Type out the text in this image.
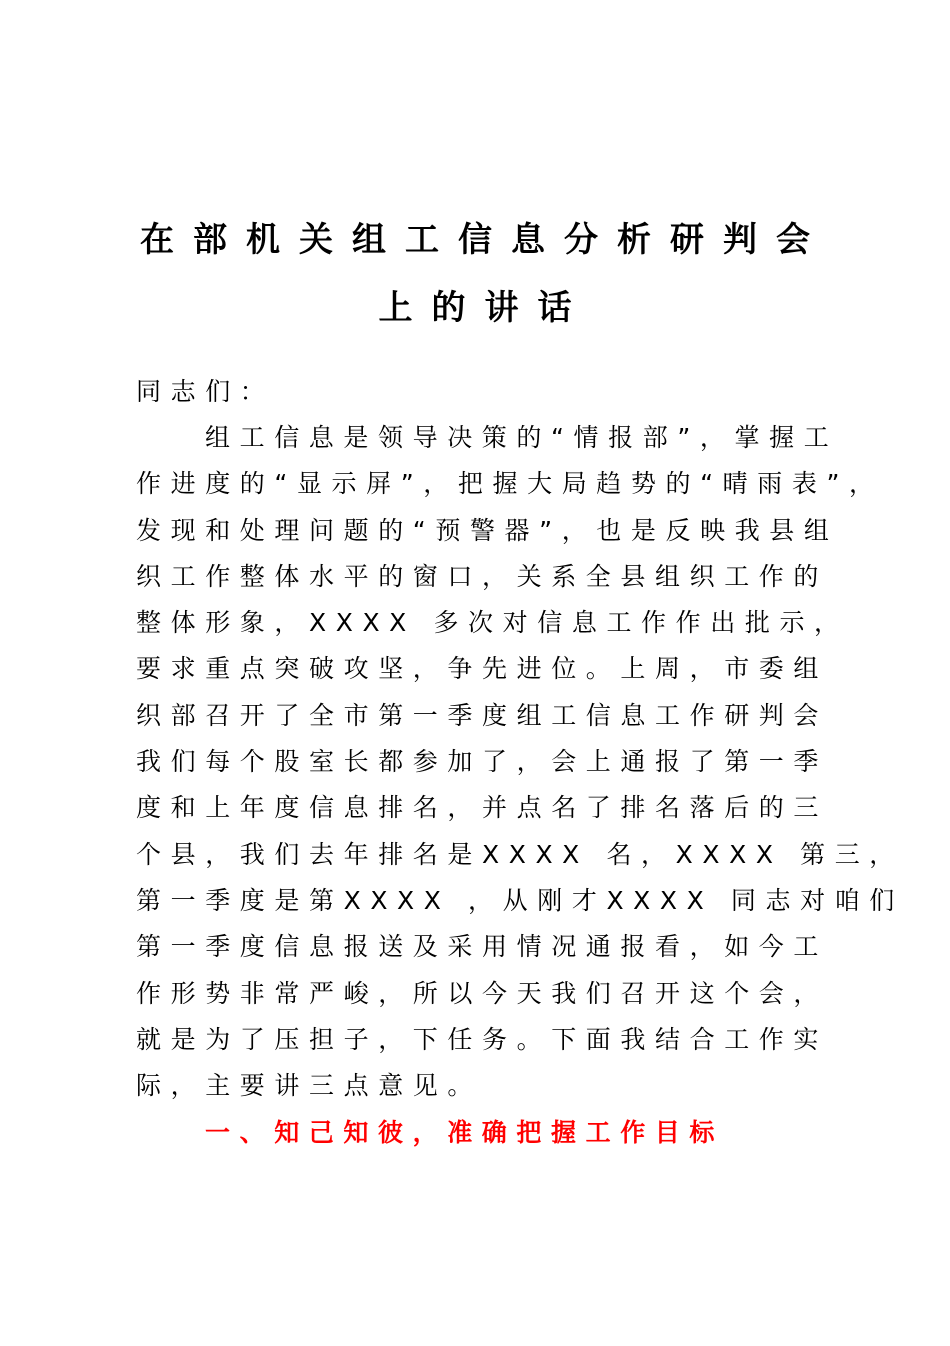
在部机关组工信息分析研判会
上的讲话
同志们：
组工信息是领导决策的“情报部”，掌握工
作进度的“显示屏”，把握大局趋势的“晴雨表”，
发现和处理问题的“预警器”，也是反映我县组
织工作整体水平的窗口，关系全县组织工作的
整体形象，XXXX 多次对信息工作作出批示，
要求重点突破攻坚，争先进位。上周，市委组
织部召开了全市第一季度组工信息工作研判会
我们每个股室长都参加了，会上通报了第一季
度和上年度信息排名，并点名了排名落后的三
个县，我们去年排名是XXXX 名，XXXX 第三，
第一季度是第XXXX ，从刚才XXXX 同志对咱们
第一季度信息报送及采用情况通报看，如今工
作形势非常严峻，所以今天我们召开这个会，
就是为了压担子，下任务。下面我结合工作实
际，主要讲三点意见。
一、知己知彼，准确把握工作目标
